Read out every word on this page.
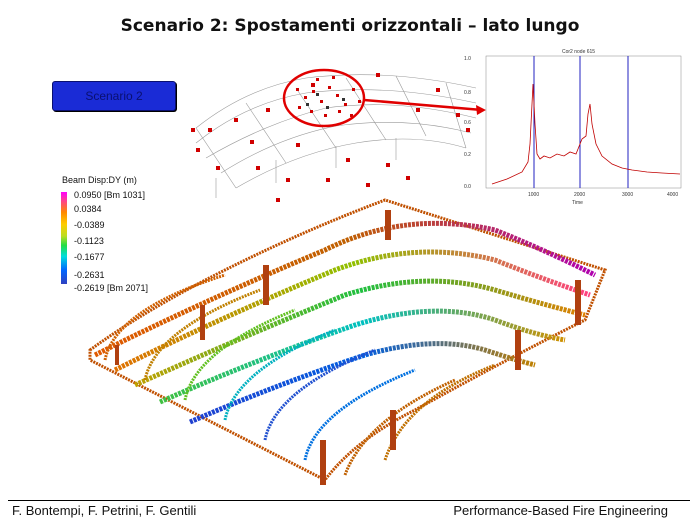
Scenario 2: Spostamenti orizzontali – lato lungo
Scenario 2
Cor2 node 615
1.0
0.8
0.6
0.2
0.0
1000	2000	3000	4000
Time
Beam Disp:DY (m)
0.0950 [Bm 1031]
0.0384
-0.0389
-0.1123
-0.1677
-0.2631
-0.2619 [Bm 2071]
F. Bontempi, F. Petrini, F. Gentili	Performance-Based Fire Engineering
